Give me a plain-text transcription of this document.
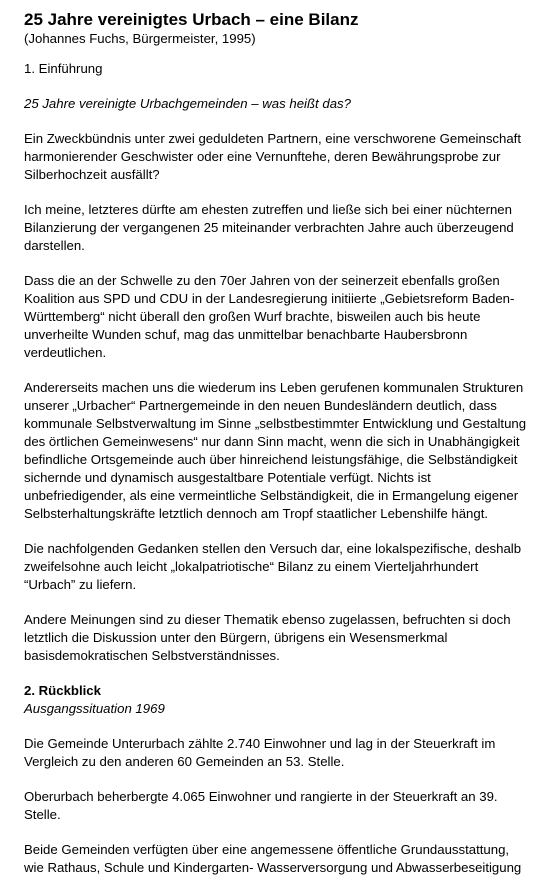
25 Jahre vereinigtes Urbach – eine Bilanz
(Johannes Fuchs, Bürgermeister, 1995)
1. Einführung

25 Jahre vereinigte Urbachgemeinden – was heißt das?

Ein Zweckbündnis unter zwei geduldeten Partnern, eine verschworene Gemeinschaft harmonierender Geschwister oder eine Vernunftehe, deren Bewährungsprobe zur Silberhochzeit ausfällt?

Ich meine, letzteres dürfte am ehesten zutreffen und ließe sich bei einer nüchternen Bilanzierung der vergangenen 25 miteinander verbrachten Jahre auch überzeugend darstellen.

Dass die an der Schwelle zu den 70er Jahren von der seinerzeit ebenfalls großen Koalition aus SPD und CDU in der Landesregierung initiierte „Gebietsreform Baden-Württemberg“ nicht überall den großen Wurf brachte, bisweilen auch bis heute unverheilte Wunden schuf, mag das unmittelbar benachbarte Haubersbronn verdeutlichen.

Andererseits machen uns die wiederum ins Leben gerufenen kommunalen Strukturen unserer „Urbacher“ Partnergemeinde in den neuen Bundesländern deutlich, dass kommunale Selbstverwaltung im Sinne „selbstbestimmter Entwicklung und Gestaltung des örtlichen Gemeinwesens“ nur dann Sinn macht, wenn die sich in Unabhängigkeit befindliche Ortsgemeinde auch über hinreichend leistungsfähige, die Selbständigkeit sichernde und dynamisch ausgestaltbare Potentiale verfügt. Nichts ist unbefriedigender, als eine vermeintliche Selbständigkeit, die in Ermangelung eigener Selbsterhaltungskräfte letztlich dennoch am Tropf staatlicher Lebenshilfe hängt.

Die nachfolgenden Gedanken stellen den Versuch dar, eine lokalspezifische, deshalb zweifelsohne auch leicht „lokalpatriotische“ Bilanz zu einem Vierteljahrhundert “Urbach” zu liefern.

Andere Meinungen sind zu dieser Thematik ebenso zugelassen, befruchten si doch letztlich die Diskussion unter den Bürgern, übrigens ein Wesensmerkmal basisdemokratischen Selbstverständnisses.

2. Rückblick
Ausgangssituation 1969

Die Gemeinde Unterurbach zählte 2.740 Einwohner und lag in der Steuerkraft im Vergleich zu den anderen 60 Gemeinden an 53. Stelle.

Oberurbach beherbergte 4.065 Einwohner und rangierte in der Steuerkraft an 39. Stelle.

Beide Gemeinden verfügten über eine angemessene öffentliche Grundausstattung, wie Rathaus, Schule und Kindergarten- Wasserversorgung und Abwasserbeseitigung
